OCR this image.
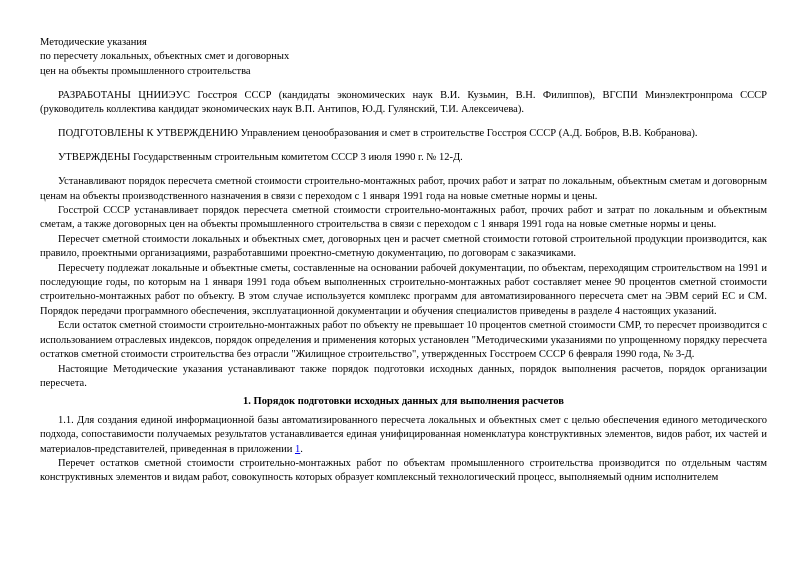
Методические указания

по пересчету локальных, объектных смет и договорных

цен на объекты промышленного строительства

РАЗРАБОТАНЫ ЦНИИЭУС Госстроя СССР (кандидаты экономических наук В.И. Кузьмин, В.Н. Филиппов), ВГСПИ Минэлектронпрома СССР (руководитель коллектива кандидат экономических наук В.П. Антипов, Ю.Д. Гулянский, Т.И. Алексеичева).

ПОДГОТОВЛЕНЫ К УТВЕРЖДЕНИЮ Управлением ценообразования и смет в строительстве Госстроя СССР (А.Д. Бобров, В.В. Кобранова).

УТВЕРЖДЕНЫ Государственным строительным комитетом СССР 3 июля 1990 г. № 12-Д.

Устанавливают порядок пересчета сметной стоимости строительно-монтажных работ, прочих работ и затрат по локальным, объектным сметам и договорным ценам на объекты производственного назначения в связи с переходом с 1 января 1991 года на новые сметные нормы и цены.

Госстрой СССР устанавливает порядок пересчета сметной стоимости строительно-монтажных работ, прочих работ и затрат по локальным и объектным сметам, а также договорных цен на объекты промышленного строительства в связи с переходом с 1 января 1991 года на новые сметные нормы и цены.

Пересчет сметной стоимости локальных и объектных смет, договорных цен и расчет сметной стоимости готовой строительной продукции производится, как правило, проектными организациями, разработавшими проектно-сметную документацию, по договорам с заказчиками.

Пересчету подлежат локальные и объектные сметы, составленные на основании рабочей документации, по объектам, переходящим строительством на 1991 и последующие годы, по которым на 1 января 1991 года объем выполненных строительно-монтажных работ составляет менее 90 процентов сметной стоимости строительно-монтажных работ по объекту. В этом случае используется комплекс программ для автоматизированного пересчета смет на ЭВМ серий ЕС и СМ. Порядок передачи программного обеспечения, эксплуатационной документации и обучения специалистов приведены в разделе 4 настоящих указаний.

Если остаток сметной стоимости строительно-монтажных работ по объекту не превышает 10 процентов сметной стоимости СМР, то пересчет производится с использованием отраслевых индексов, порядок определения и применения которых установлен "Методическими указаниями по упрощенному порядку пересчета остатков сметной стоимости строительства без отрасли "Жилищное строительство", утвержденных Госстроем СССР 6 февраля 1990 года, № 3-Д.

Настоящие Методические указания устанавливают также порядок подготовки исходных данных, порядок выполнения расчетов, порядок организации пересчета.

1. Порядок подготовки исходных данных для выполнения расчетов

1.1. Для создания единой информационной базы автоматизированного пересчета локальных и объектных смет с целью обеспечения единого методического подхода, сопоставимости получаемых результатов устанавливается единая унифицированная номенклатура конструктивных элементов, видов работ, их частей и материалов-представителей, приведенная в приложении 1.

Перечет остатков сметной стоимости строительно-монтажных работ по объектам промышленного строительства производится по отдельным частям конструктивных элементов и видам работ, совокупность которых образует комплексный технологический процесс, выполняемый одним исполнителем
